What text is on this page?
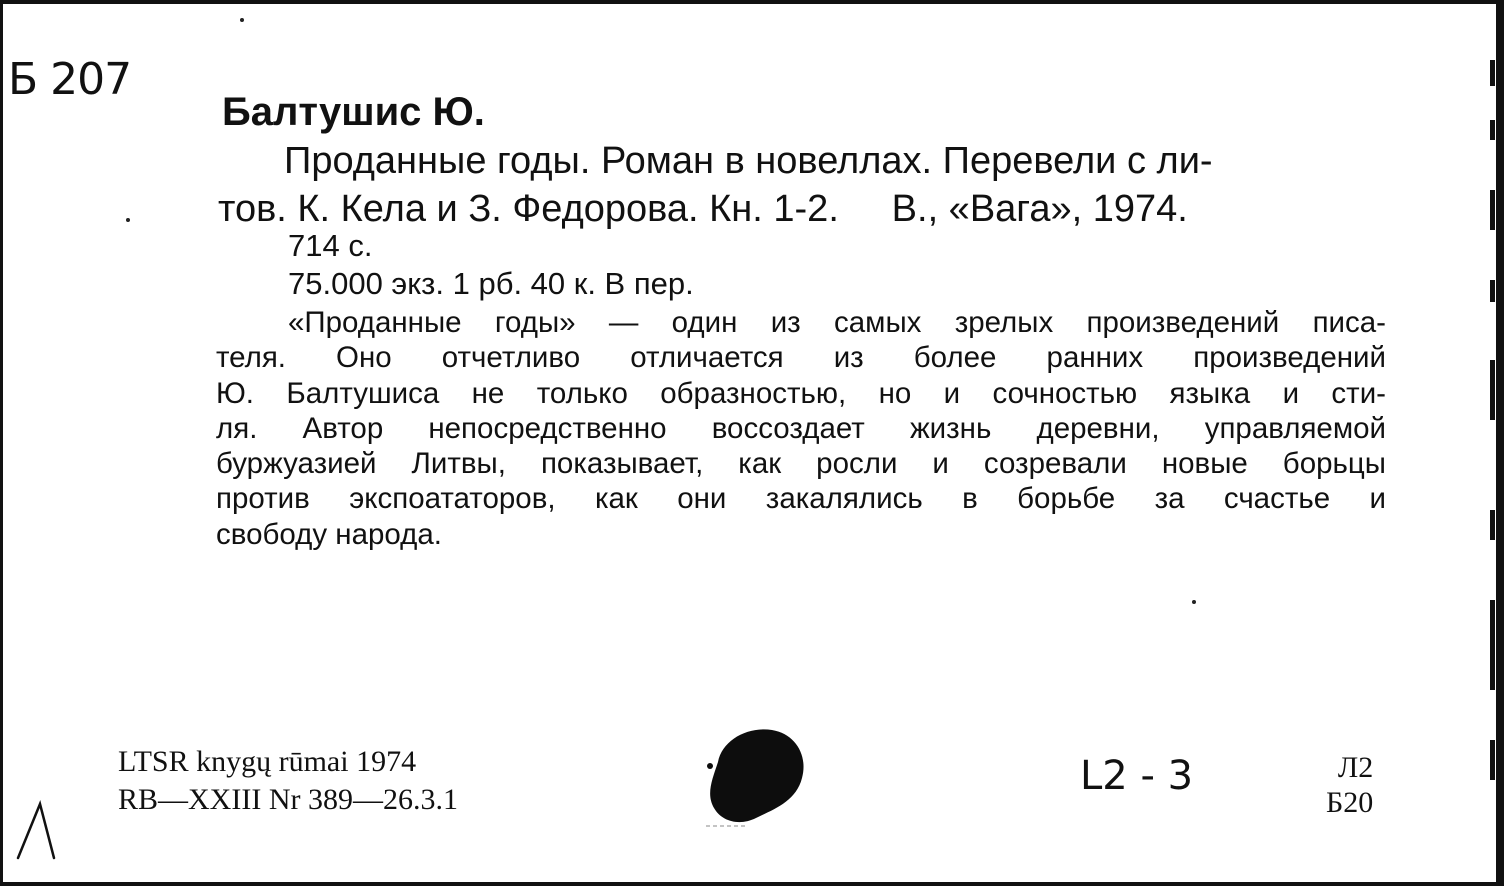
Б 207
Балтушис Ю.
Проданные годы. Роман в новеллах. Перевели с ли-
тов. К. Кела и З. Федорова. Кн. 1-2.     В., «Вага», 1974.
714 с.
75.000 экз. 1 рб. 40 к. В пер.
«Проданные годы» — один из самых зрелых произведений писа-
теля. Оно отчетливо отличается из более ранних произведений
Ю. Балтушиса не только образностью, но и сочностью языка и сти-
ля. Автор непосредственно воссоздает жизнь деревни, управляемой
буржуазией Литвы, показывает, как росли и созревали новые борьцы
против экспоататоров, как они закалялись в борьбе за счастье и
свободу народа.
LTSR knygų rūmai 1974
RB—XXIII Nr 389—26.3.1
L2 - 3	Л2
Б20
